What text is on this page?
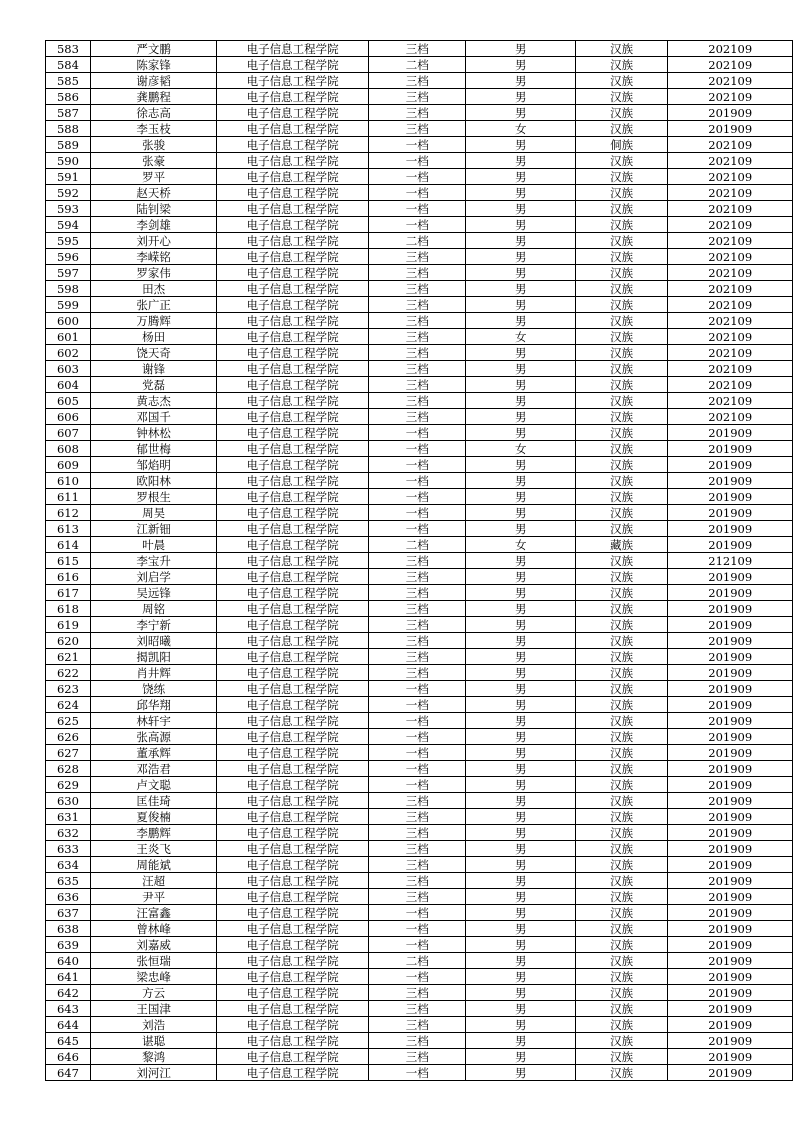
583	严文鹏	电子信息工程学院	三档	男	汉族	202109
584	陈家锋	电子信息工程学院	二档	男	汉族	202109
585	谢彦韬	电子信息工程学院	三档	男	汉族	202109
586	龚鹏程	电子信息工程学院	三档	男	汉族	202109
587	徐志高	电子信息工程学院	三档	男	汉族	201909
588	李玉枝	电子信息工程学院	三档	女	汉族	201909
589	张骏	电子信息工程学院	一档	男	侗族	202109
590	张豪	电子信息工程学院	一档	男	汉族	202109
591	罗平	电子信息工程学院	一档	男	汉族	202109
592	赵天桥	电子信息工程学院	一档	男	汉族	202109
593	陆钊梁	电子信息工程学院	一档	男	汉族	202109
594	李剑雄	电子信息工程学院	一档	男	汉族	202109
595	刘开心	电子信息工程学院	二档	男	汉族	202109
596	李嵘铭	电子信息工程学院	三档	男	汉族	202109
597	罗家伟	电子信息工程学院	三档	男	汉族	202109
598	田杰	电子信息工程学院	三档	男	汉族	202109
599	张广正	电子信息工程学院	三档	男	汉族	202109
600	万腾辉	电子信息工程学院	三档	男	汉族	202109
601	杨田	电子信息工程学院	三档	女	汉族	202109
602	饶天奇	电子信息工程学院	三档	男	汉族	202109
603	谢锋	电子信息工程学院	三档	男	汉族	202109
604	党磊	电子信息工程学院	三档	男	汉族	202109
605	黄志杰	电子信息工程学院	三档	男	汉族	202109
606	邓国千	电子信息工程学院	三档	男	汉族	202109
607	钟林松	电子信息工程学院	一档	男	汉族	201909
608	郁世梅	电子信息工程学院	一档	女	汉族	201909
609	邹焰明	电子信息工程学院	一档	男	汉族	201909
610	欧阳林	电子信息工程学院	一档	男	汉族	201909
611	罗根生	电子信息工程学院	一档	男	汉族	201909
612	周昊	电子信息工程学院	一档	男	汉族	201909
613	江新钿	电子信息工程学院	一档	男	汉族	201909
614	叶晨	电子信息工程学院	二档	女	藏族	201909
615	李宝升	电子信息工程学院	三档	男	汉族	212109
616	刘启学	电子信息工程学院	三档	男	汉族	201909
617	吴远锋	电子信息工程学院	三档	男	汉族	201909
618	周铭	电子信息工程学院	三档	男	汉族	201909
619	李宁新	电子信息工程学院	三档	男	汉族	201909
620	刘昭曦	电子信息工程学院	三档	男	汉族	201909
621	揭凯阳	电子信息工程学院	三档	男	汉族	201909
622	肖井辉	电子信息工程学院	三档	男	汉族	201909
623	饶练	电子信息工程学院	一档	男	汉族	201909
624	邱华翔	电子信息工程学院	一档	男	汉族	201909
625	林轩宇	电子信息工程学院	一档	男	汉族	201909
626	张高源	电子信息工程学院	一档	男	汉族	201909
627	董承辉	电子信息工程学院	一档	男	汉族	201909
628	邓浩君	电子信息工程学院	一档	男	汉族	201909
629	卢文聪	电子信息工程学院	一档	男	汉族	201909
630	匡佳琦	电子信息工程学院	三档	男	汉族	201909
631	夏俊楠	电子信息工程学院	三档	男	汉族	201909
632	李鹏辉	电子信息工程学院	三档	男	汉族	201909
633	王炎飞	电子信息工程学院	三档	男	汉族	201909
634	周能斌	电子信息工程学院	三档	男	汉族	201909
635	汪超	电子信息工程学院	三档	男	汉族	201909
636	尹平	电子信息工程学院	三档	男	汉族	201909
637	汪富鑫	电子信息工程学院	一档	男	汉族	201909
638	曾林峰	电子信息工程学院	一档	男	汉族	201909
639	刘嘉威	电子信息工程学院	一档	男	汉族	201909
640	张恒瑞	电子信息工程学院	二档	男	汉族	201909
641	梁忠峰	电子信息工程学院	一档	男	汉族	201909
642	方云	电子信息工程学院	三档	男	汉族	201909
643	王国津	电子信息工程学院	三档	男	汉族	201909
644	刘浩	电子信息工程学院	三档	男	汉族	201909
645	谌聪	电子信息工程学院	三档	男	汉族	201909
646	黎鸿	电子信息工程学院	三档	男	汉族	201909
647	刘河江	电子信息工程学院	一档	男	汉族	201909
